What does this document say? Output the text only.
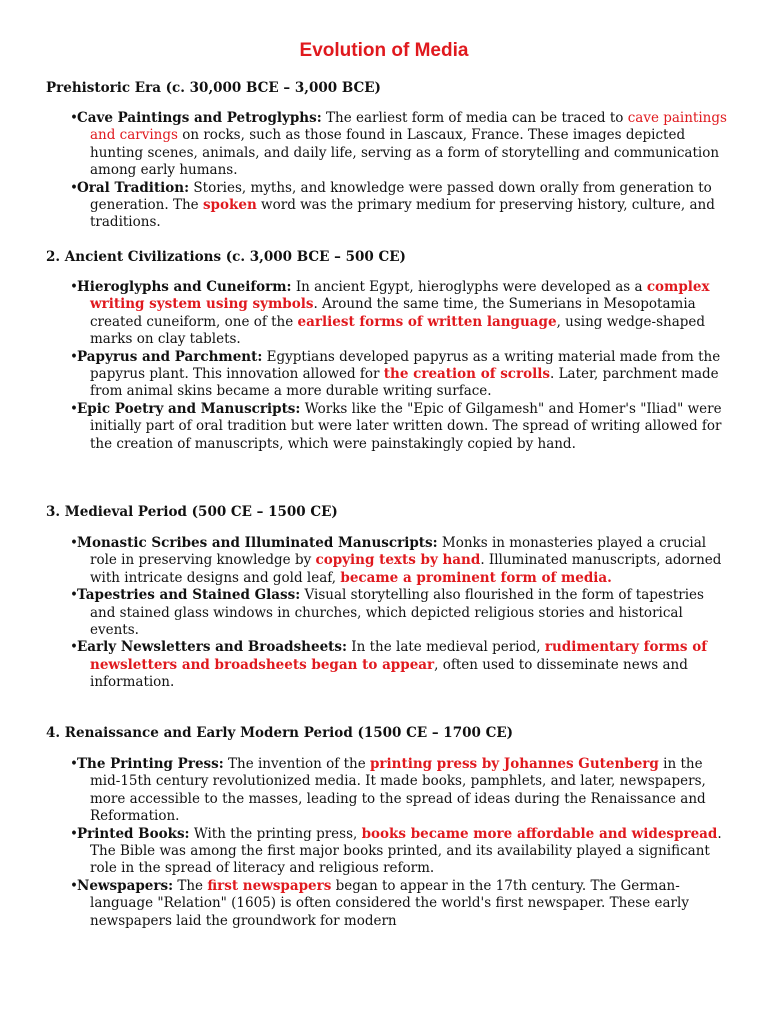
Evolution of Media
Prehistoric Era (c. 30,000 BCE – 3,000 BCE)

•Cave Paintings and Petroglyphs: The earliest form of media can be traced to cave paintings and carvings on rocks, such as those found in Lascaux, France. These images depicted hunting scenes, animals, and daily life, serving as a form of storytelling and communication among early humans.

•Oral Tradition: Stories, myths, and knowledge were passed down orally from generation to generation. The spoken word was the primary medium for preserving history, culture, and traditions.

2. Ancient Civilizations (c. 3,000 BCE – 500 CE)

•Hieroglyphs and Cuneiform: In ancient Egypt, hieroglyphs were developed as a complex writing system using symbols. Around the same time, the Sumerians in Mesopotamia created cuneiform, one of the earliest forms of written language, using wedge-shaped marks on clay tablets.

•Papyrus and Parchment: Egyptians developed papyrus as a writing material made from the papyrus plant. This innovation allowed for the creation of scrolls. Later, parchment made from animal skins became a more durable writing surface.

•Epic Poetry and Manuscripts: Works like the "Epic of Gilgamesh" and Homer's "Iliad" were initially part of oral tradition but were later written down. The spread of writing allowed for the creation of manuscripts, which were painstakingly copied by hand.

3. Medieval Period (500 CE – 1500 CE)

•Monastic Scribes and Illuminated Manuscripts: Monks in monasteries played a crucial role in preserving knowledge by copying texts by hand. Illuminated manuscripts, adorned with intricate designs and gold leaf, became a prominent form of media.

•Tapestries and Stained Glass: Visual storytelling also flourished in the form of tapestries and stained glass windows in churches, which depicted religious stories and historical events.

•Early Newsletters and Broadsheets: In the late medieval period, rudimentary forms of newsletters and broadsheets began to appear, often used to disseminate news and information.

4. Renaissance and Early Modern Period (1500 CE – 1700 CE)

•The Printing Press: The invention of the printing press by Johannes Gutenberg in the mid-15th century revolutionized media. It made books, pamphlets, and later, newspapers, more accessible to the masses, leading to the spread of ideas during the Renaissance and Reformation.

•Printed Books: With the printing press, books became more affordable and widespread. The Bible was among the first major books printed, and its availability played a significant role in the spread of literacy and religious reform.

•Newspapers: The first newspapers began to appear in the 17th century. The German-language "Relation" (1605) is often considered the world's first newspaper. These early newspapers laid the groundwork for modern
